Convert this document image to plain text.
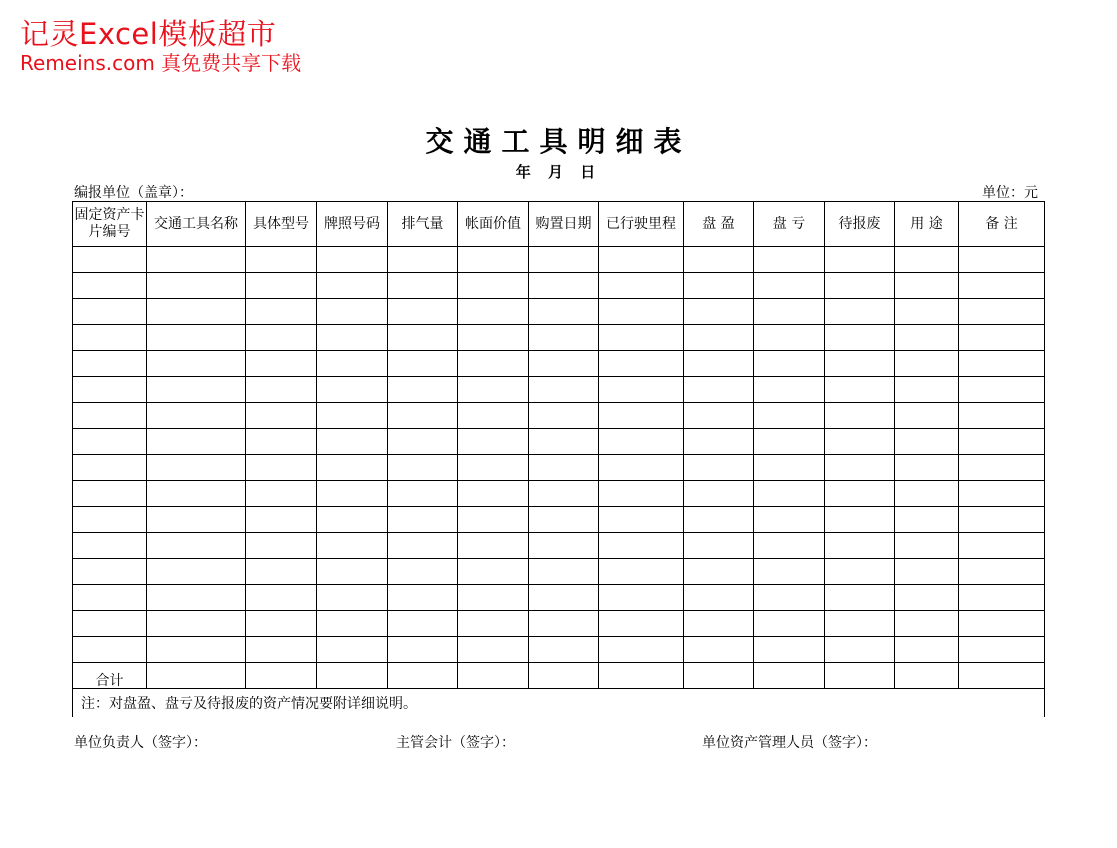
记灵Excel模板超市
Remeins.com 真免费共享下载
交通工具明细表
年 月 日
编报单位（盖章）：	单位：元
固定资产卡片编号	交通工具名称	具体型号	牌照号码	排气量	帐面价值	购置日期	已行驶里程	盘 盈	盘 亏	待报废	用 途	备 注

合计												
注：对盘盈、盘亏及待报废的资产情况要附详细说明。												
单位负责人（签字）：	主管会计（签字）：	单位资产管理人员（签字）：
